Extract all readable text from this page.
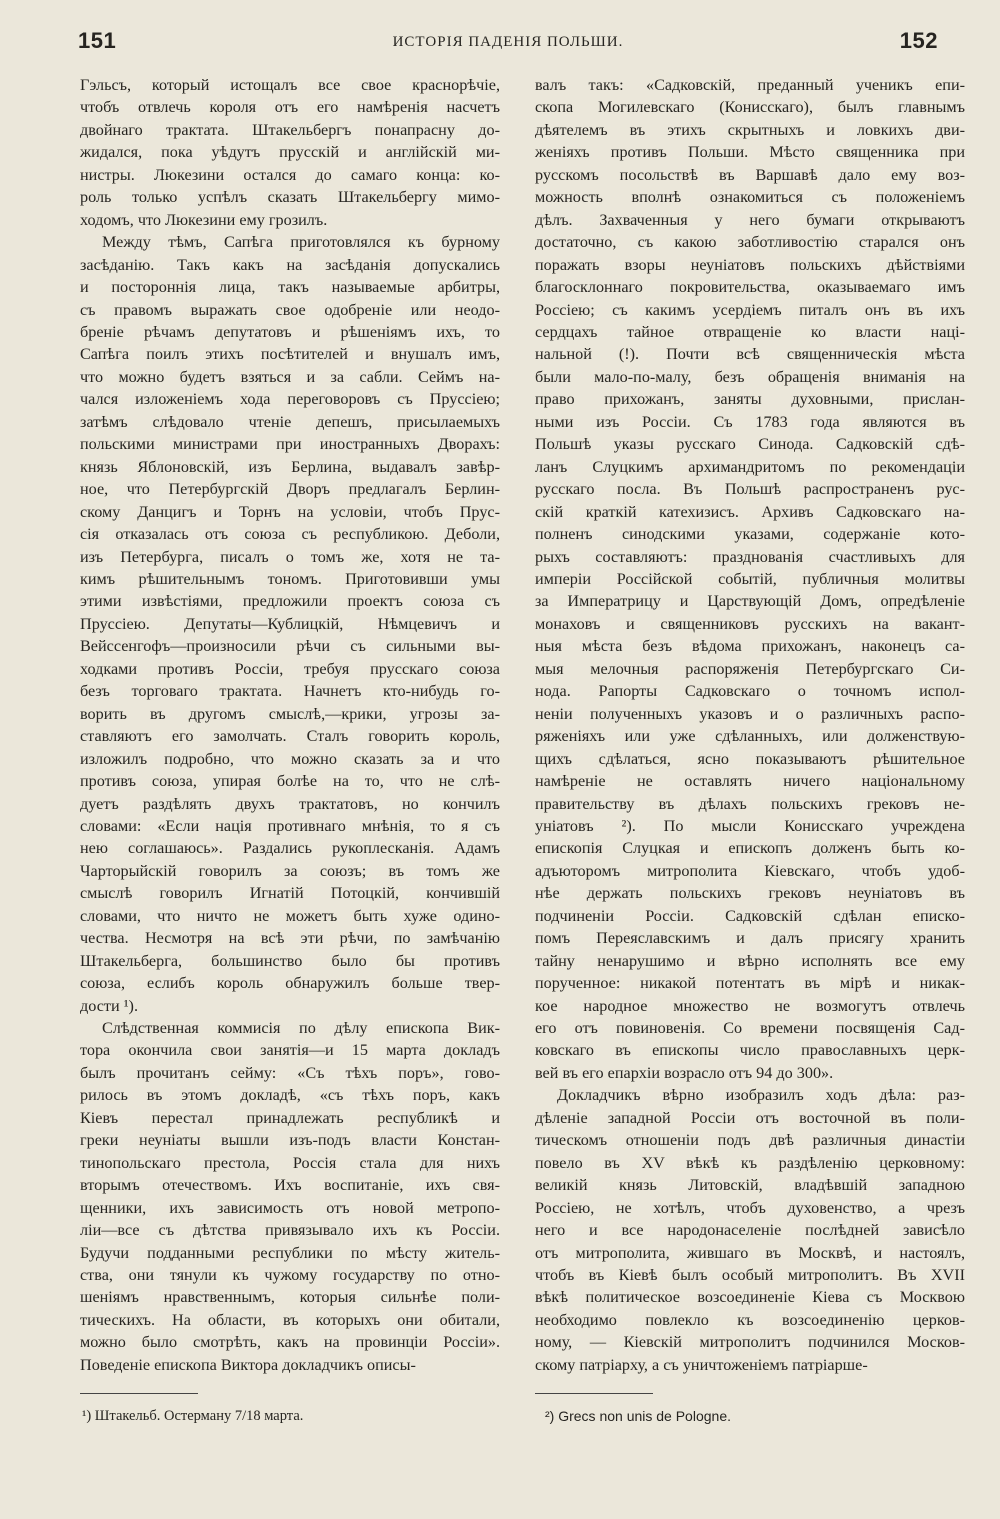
151	ИСТОРІЯ ПАДЕНІЯ ПОЛЬШИ.	152
Гэльсъ, который истощалъ все свое краснорѣчіе,
чтобъ отвлечь короля отъ его намѣренія насчетъ
двойнаго трактата. Штакельбергъ понапрасну до-
жидался, пока уѣдутъ прусскій и англійскій ми-
нистры. Люкезини остался до самаго конца: ко-
роль только успѣлъ сказать Штакельбергу мимо-
ходомъ, что Люкезини ему грозилъ.
Между тѣмъ, Сапѣга приготовлялся къ бурному
засѣданію. Такъ какъ на засѣданія допускались
и постороннія лица, такъ называемые арбитры,
съ правомъ выражать свое одобреніе или неодо-
бреніе рѣчамъ депутатовъ и рѣшеніямъ ихъ, то
Сапѣга поилъ этихъ посѣтителей и внушалъ имъ,
что можно будетъ взяться и за сабли. Сеймъ на-
чался изложеніемъ хода переговоровъ съ Пруссіею;
затѣмъ слѣдовало чтеніе депешъ, присылаемыхъ
польскими министрами при иностранныхъ Дворахъ:
князь Яблоновскій, изъ Берлина, выдавалъ завѣр-
ное, что Петербургскій Дворъ предлагалъ Берлин-
скому Данцигъ и Торнъ на условіи, чтобъ Прус-
сія отказалась отъ союза съ республикою. Деболи,
изъ Петербурга, писалъ о томъ же, хотя не та-
кимъ рѣшительнымъ тономъ. Приготовивши умы
этими извѣстіями, предложили проектъ союза съ
Пруссіею. Депутаты—Кублицкій, Нѣмцевичъ и
Вейссенгофъ—произносили рѣчи съ сильными вы-
ходками противъ Россіи, требуя прусскаго союза
безъ торговаго трактата. Начнетъ кто-нибудь го-
ворить въ другомъ смыслѣ,—крики, угрозы за-
ставляютъ его замолчать. Сталъ говорить король,
изложилъ подробно, что можно сказать за и что
противъ союза, упирая болѣе на то, что не слѣ-
дуетъ раздѣлять двухъ трактатовъ, но кончилъ
словами: «Если нація противнаго мнѣнія, то я съ
нею соглашаюсь». Раздались рукоплесканія. Адамъ
Чарторыйскій говорилъ за союзъ; въ томъ же
смыслѣ говорилъ Игнатій Потоцкій, кончившій
словами, что ничто не можетъ быть хуже одино-
чества. Несмотря на всѣ эти рѣчи, по замѣчанію
Штакельберга, большинство было бы противъ
союза, еслибъ король обнаружилъ больше твер-
дости ¹).
Слѣдственная коммисія по дѣлу епископа Вик-
тора окончила свои занятія—и 15 марта докладъ
былъ прочитанъ сейму: «Съ тѣхъ поръ», гово-
рилось въ этомъ докладѣ, «съ тѣхъ поръ, какъ
Кіевъ перестал принадлежать республикѣ и
греки неуніаты вышли изъ-подъ власти Констан-
тинопольскаго престола, Россія стала для нихъ
вторымъ отечествомъ. Ихъ воспитаніе, ихъ свя-
щенники, ихъ зависимость отъ новой метропо-
ліи—все съ дѣтства привязывало ихъ къ Россіи.
Будучи подданными республики по мѣсту житель-
ства, они тянули къ чужому государству по отно-
шеніямъ нравственнымъ, которыя сильнѣе поли-
тическихъ. На области, въ которыхъ они обитали,
можно было смотрѣть, какъ на провинціи Россіи».
Поведеніе епископа Виктора докладчикъ описы-
валъ такъ: «Садковскій, преданный ученикъ епи-
скопа Могилевскаго (Конисскаго), былъ главнымъ
дѣятелемъ въ этихъ скрытныхъ и ловкихъ дви-
женіяхъ противъ Польши. Мѣсто священника при
русскомъ посольствѣ въ Варшавѣ дало ему воз-
можность вполнѣ ознакомиться съ положеніемъ
дѣлъ. Захваченныя у него бумаги открываютъ
достаточно, съ какою заботливостію старался онъ
поражать взоры неуніатовъ польскихъ дѣйствіями
благосклоннаго покровительства, оказываемаго имъ
Россіею; съ какимъ усердіемъ питалъ онъ въ ихъ
сердцахъ тайное отвращеніе ко власти наці-
нальной (!). Почти всѣ священническія мѣста
были мало-по-малу, безъ обращенія вниманія на
право прихожанъ, заняты духовными, прислан-
ными изъ Россіи. Съ 1783 года являются въ
Польшѣ указы русскаго Синода. Садковскій сдѣ-
ланъ Слуцкимъ архимандритомъ по рекомендаціи
русскаго посла. Въ Польшѣ распространенъ рус-
скій краткій катехизисъ. Архивъ Садковскаго на-
полненъ синодскими указами, содержаніе кото-
рыхъ составляютъ: празднованія счастливыхъ для
имперіи Россійской событій, публичныя молитвы
за Императрицу и Царствующій Домъ, опредѣленіе
монаховъ и священниковъ русскихъ на вакант-
ныя мѣста безъ вѣдома прихожанъ, наконецъ са-
мыя мелочныя распоряженія Петербургскаго Си-
нода. Рапорты Садковскаго о точномъ испол-
неніи полученныхъ указовъ и о различныхъ распо-
ряженіяхъ или уже сдѣланныхъ, или долженствую-
щихъ сдѣлаться, ясно показываютъ рѣшительное
намѣреніе не оставлять ничего національному
правительству въ дѣлахъ польскихъ грековъ не-
уніатовъ ²). По мысли Конисскаго учреждена
епископія Слуцкая и епископъ долженъ быть ко-
адъюторомъ митрополита Кіевскаго, чтобъ удоб-
нѣе держать польскихъ грековъ неуніатовъ въ
подчиненіи Россіи. Садковскій сдѣлан еписко-
помъ Переяславскимъ и далъ присягу хранить
тайну ненарушимо и вѣрно исполнять все ему
порученное: никакой потентатъ въ мірѣ и никак-
кое народное множество не возмогутъ отвлечь
его отъ повиновенія. Со времени посвященія Сад-
ковскаго въ епископы число православныхъ церк-
вей въ его епархіи возрасло отъ 94 до 300».
Докладчикъ вѣрно изобразилъ ходъ дѣла: раз-
дѣленіе западной Россіи отъ восточной въ поли-
тическомъ отношеніи подъ двѣ различныя династіи
повело въ XV вѣкѣ къ раздѣленію церковному:
великій князь Литовскій, владѣвшій западною
Россіею, не хотѣлъ, чтобъ духовенство, а чрезъ
него и все народонаселеніе послѣдней зависѣло
отъ митрополита, жившаго въ Москвѣ, и настоялъ,
чтобъ въ Кіевѣ былъ особый митрополитъ. Въ XVII
вѣкѣ политическое возсоединеніе Кіева съ Москвою
необходимо повлекло къ возсоединенію церков-
ному, — Кіевскій митрополитъ подчинился Москов-
скому патріарху, а съ уничтоженіемъ патріарше-
¹) Штакельб. Остерману 7/18 марта.	²) Grecs non unis de Pologne.
